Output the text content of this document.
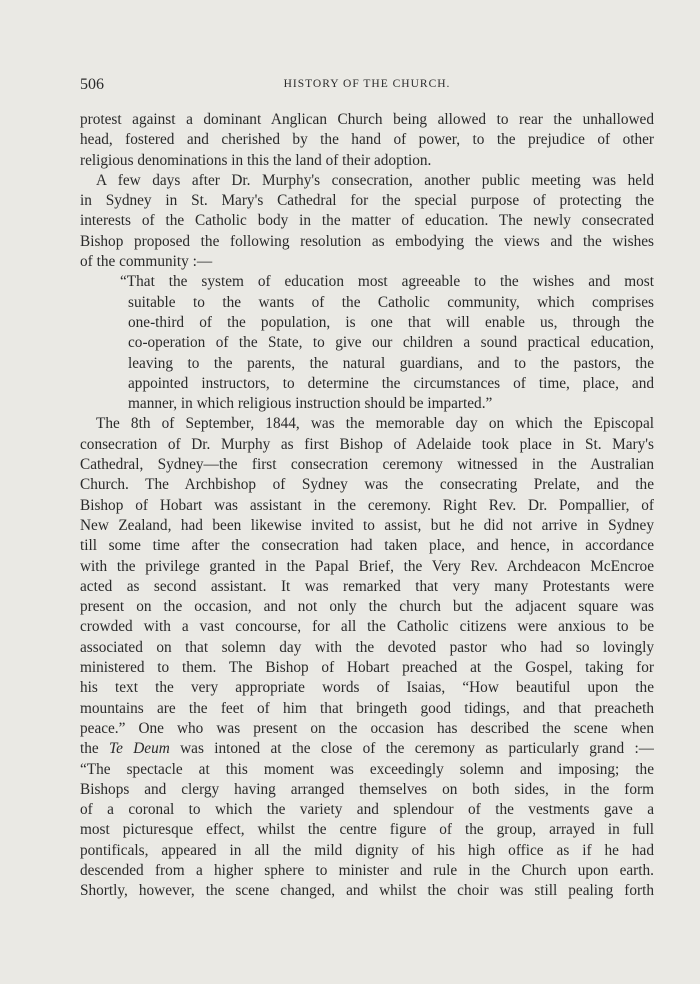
506	HISTORY OF THE CHURCH.
protest against a dominant Anglican Church being allowed to rear the unhallowed
head, fostered and cherished by the hand of power, to the prejudice of other
religious denominations in this the land of their adoption.
A few days after Dr. Murphy's consecration, another public meeting was held
in Sydney in St. Mary's Cathedral for the special purpose of protecting the
interests of the Catholic body in the matter of education. The newly consecrated
Bishop proposed the following resolution as embodying the views and the wishes
of the community :—
“That the system of education most agreeable to the wishes and most
suitable to the wants of the Catholic community, which comprises
one-third of the population, is one that will enable us, through the
co-operation of the State, to give our children a sound practical education,
leaving to the parents, the natural guardians, and to the pastors, the
appointed instructors, to determine the circumstances of time, place, and
manner, in which religious instruction should be imparted.”
The 8th of September, 1844, was the memorable day on which the Episcopal
consecration of Dr. Murphy as first Bishop of Adelaide took place in St. Mary's
Cathedral, Sydney—the first consecration ceremony witnessed in the Australian
Church. The Archbishop of Sydney was the consecrating Prelate, and the
Bishop of Hobart was assistant in the ceremony. Right Rev. Dr. Pompallier, of
New Zealand, had been likewise invited to assist, but he did not arrive in Sydney
till some time after the consecration had taken place, and hence, in accordance
with the privilege granted in the Papal Brief, the Very Rev. Archdeacon McEncroe
acted as second assistant. It was remarked that very many Protestants were
present on the occasion, and not only the church but the adjacent square was
crowded with a vast concourse, for all the Catholic citizens were anxious to be
associated on that solemn day with the devoted pastor who had so lovingly
ministered to them. The Bishop of Hobart preached at the Gospel, taking for
his text the very appropriate words of Isaias, “How beautiful upon the
mountains are the feet of him that bringeth good tidings, and that preacheth
peace.” One who was present on the occasion has described the scene when
the Te Deum was intoned at the close of the ceremony as particularly grand :—
“The spectacle at this moment was exceedingly solemn and imposing; the
Bishops and clergy having arranged themselves on both sides, in the form
of a coronal to which the variety and splendour of the vestments gave a
most picturesque effect, whilst the centre figure of the group, arrayed in full
pontificals, appeared in all the mild dignity of his high office as if he had
descended from a higher sphere to minister and rule in the Church upon earth.
Shortly, however, the scene changed, and whilst the choir was still pealing forth
